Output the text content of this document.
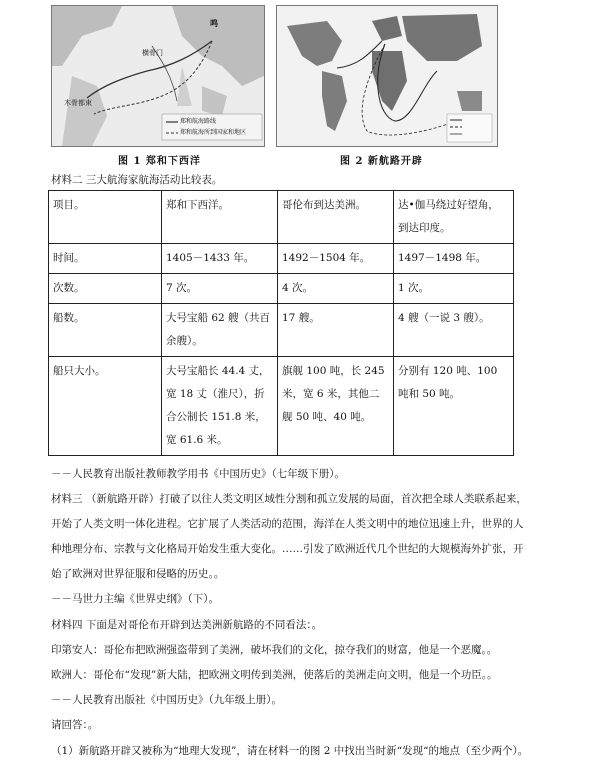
鸣
横骨门
木骨都束
郑和航海路线
郑和航海所到国家和地区
图 1 郑和下西洋	图 2 新航路开辟
材料二 三大航海家航海活动比较表。
项目。	郑和下西洋。	哥伦布到达美洲。	达•伽马绕过好望角，到达印度。
时间。	1405－1433 年。	1492－1504 年。	1497－1498 年。
次数。	7 次。	4 次。	1 次。
船数。	大号宝船 62 艘（共百余艘）。	17 艘。	4 艘（一说 3 艘）。
船只大小。	大号宝船长 44.4 丈，宽 18 丈（淮尺），折合公制长 151.8 米，宽 61.6 米。	旗舰 100 吨，长 245 米，宽 6 米，其他二舰 50 吨、40 吨。	分别有 120 吨、100 吨和 50 吨。
－－人民教育出版社教师教学用书《中国历史》（七年级下册）。
材料三 （新航路开辟）打破了以往人类文明区域性分割和孤立发展的局面，首次把全球人类联系起来，
开始了人类文明一体化进程。它扩展了人类活动的范围，海洋在人类文明中的地位迅速上升，世界的人
种地理分布、宗教与文化格局开始发生重大变化。……引发了欧洲近代几个世纪的大规模海外扩张，开
始了欧洲对世界征服和侵略的历史。。
－－马世力主编《世界史纲》（下）。
材料四 下面是对哥伦布开辟到达美洲新航路的不同看法：。
印第安人：哥伦布把欧洲强盗带到了美洲，破坏我们的文化，掠夺我们的财富，他是一个恶魔。。
欧洲人：哥伦布“发现”新大陆，把欧洲文明传到美洲，使落后的美洲走向文明，他是一个功臣。。
－－人民教育出版社《中国历史》（九年级上册）。
请回答：。
（1）新航路开辟又被称为“地理大发现”，请在材料一的图 2 中找出当时新“发现“的地点（至少两个）。
